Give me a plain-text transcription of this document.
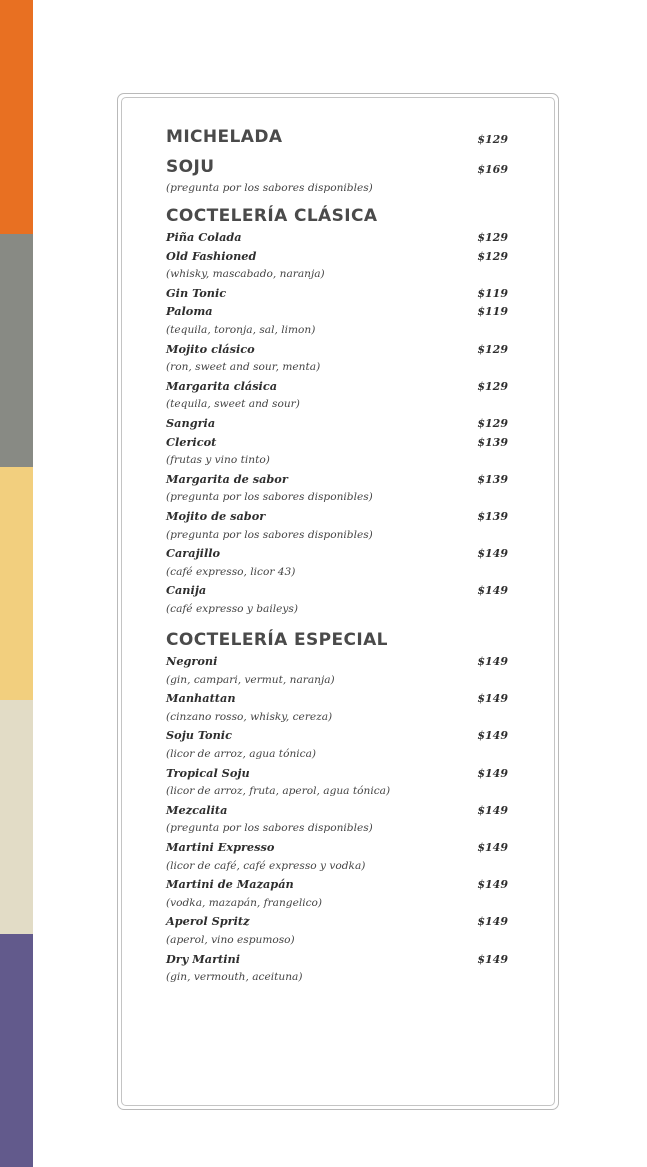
MICHELADA	$129
SOJU	$169
(pregunta por los sabores disponibles)
COCTELERÍA CLÁSICA
Piña Colada	$129
Old Fashioned	$129
(whisky, mascabado, naranja)
Gin Tonic	$119
Paloma	$119
(tequila, toronja, sal, limon)
Mojito clásico	$129
(ron, sweet and sour, menta)
Margarita clásica	$129
(tequila, sweet and sour)
Sangria	$129
Clericot	$139
(frutas y vino tinto)
Margarita de sabor	$139
(pregunta por los sabores disponibles)
Mojito de sabor	$139
(pregunta por los sabores disponibles)
Carajillo	$149
(café expresso, licor 43)
Canija	$149
(café expresso y baileys)
COCTELERÍA ESPECIAL
Negroni	$149
(gin, campari, vermut, naranja)
Manhattan	$149
(cinzano rosso, whisky, cereza)
Soju Tonic	$149
(licor de arroz, agua tónica)
Tropical Soju	$149
(licor de arroz, fruta, aperol, agua tónica)
Mezcalita	$149
(pregunta por los sabores disponibles)
Martini Expresso	$149
(licor de café, café expresso y vodka)
Martini de Mazapán	$149
(vodka, mazapán, frangelico)
Aperol Spritz	$149
(aperol, vino espumoso)
Dry Martini	$149
(gin, vermouth, aceituna)
